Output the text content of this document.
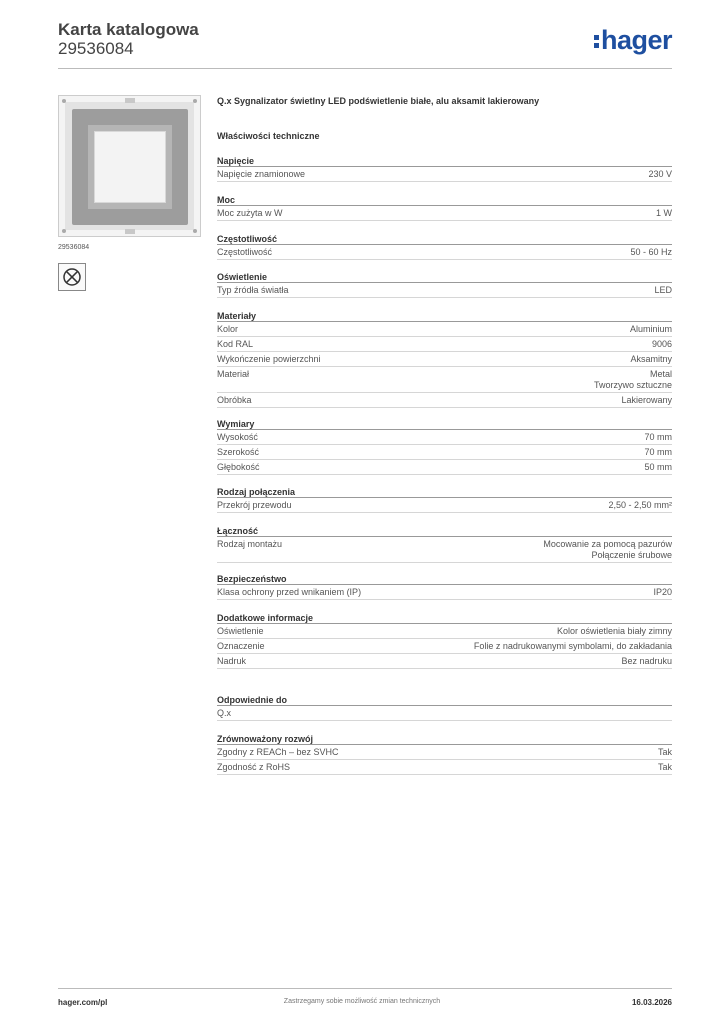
Karta katalogowa
29536084	hager
29536084
Q.x Sygnalizator świetlny LED podświetlenie białe, alu aksamit lakierowany
Właściwości techniczne
Napięcie
Napięcie znamionowe	230 V
Moc
Moc zużyta w W	1 W
Częstotliwość
Częstotliwość	50 - 60 Hz
Oświetlenie
Typ źródła światła	LED
Materiały
Kolor	Aluminium
Kod RAL	9006
Wykończenie powierzchni	Aksamitny
Materiał	Metal
Tworzywo sztuczne
Obróbka	Lakierowany
Wymiary
Wysokość	70 mm
Szerokość	70 mm
Głębokość	50 mm
Rodzaj połączenia
Przekrój przewodu	2,50 - 2,50 mm²
Łączność
Rodzaj montażu	Mocowanie za pomocą pazurów
Połączenie śrubowe
Bezpieczeństwo
Klasa ochrony przed wnikaniem (IP)	IP20
Dodatkowe informacje
Oświetlenie	Kolor oświetlenia biały zimny
Oznaczenie	Folie z nadrukowanymi symbolami, do zakładania
Nadruk	Bez nadruku
Odpowiednie do
Q.x
Zrównoważony rozwój
Zgodny z REACh – bez SVHC	Tak
Zgodność z RoHS	Tak
hager.com/pl	Zastrzegamy sobie możliwość zmian technicznych	16.03.2026
